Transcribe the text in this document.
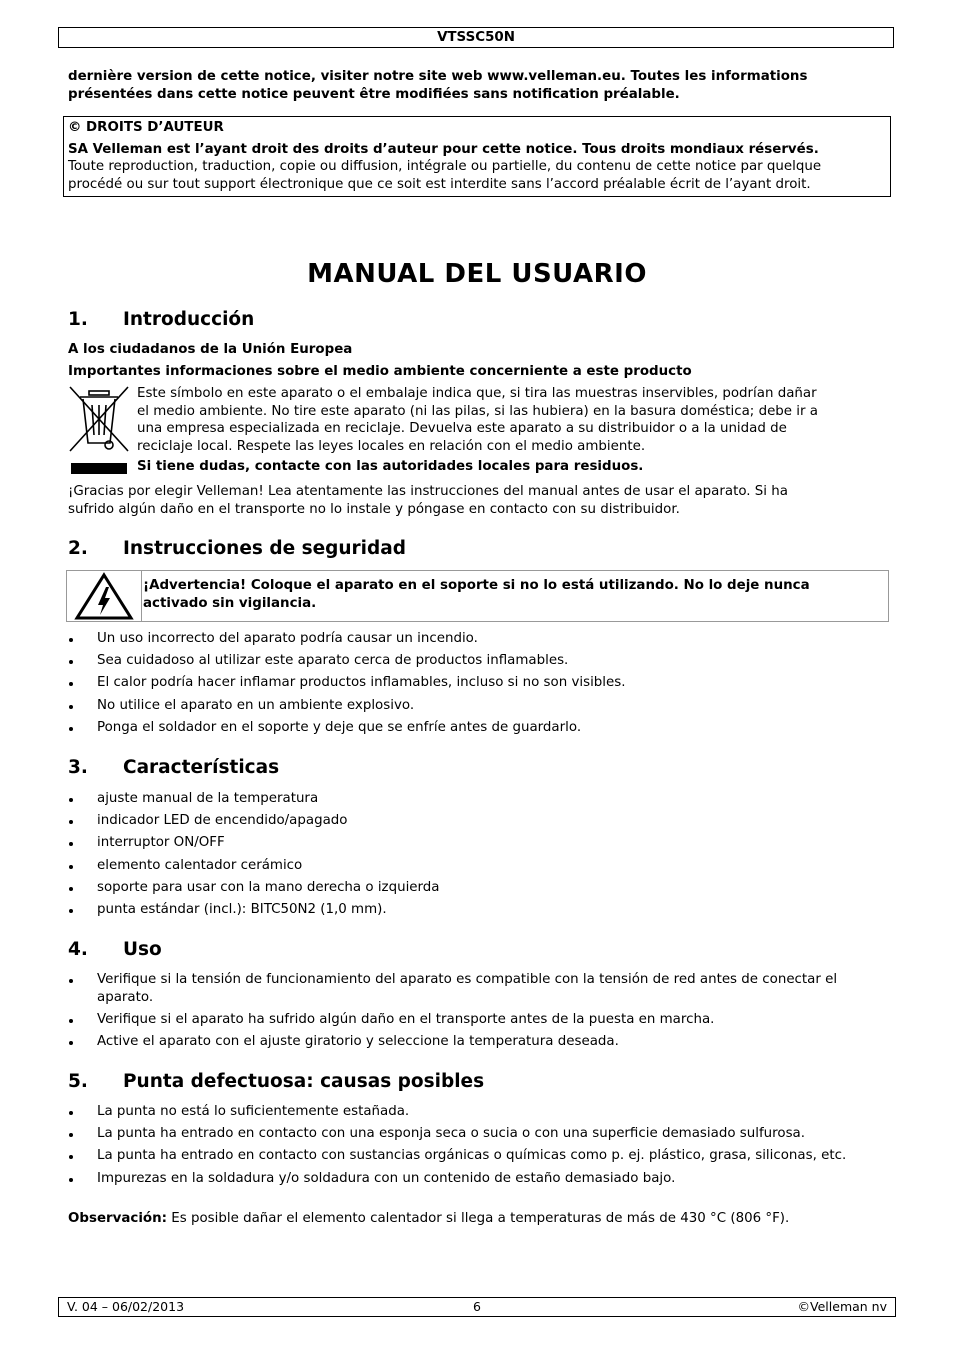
VTSSC50N
dernière version de cette notice, visiter notre site web www.velleman.eu. Toutes les informations
présentées dans cette notice peuvent être modifiées sans notification préalable.
© DROITS D’AUTEUR
SA Velleman est l’ayant droit des droits d’auteur pour cette notice. Tous droits mondiaux réservés.
Toute reproduction, traduction, copie ou diffusion, intégrale ou partielle, du contenu de cette notice par quelque
procédé ou sur tout support électronique que ce soit est interdite sans l’accord préalable écrit de l’ayant droit.
MANUAL DEL USUARIO
1. Introducción
A los ciudadanos de la Unión Europea
Importantes informaciones sobre el medio ambiente concerniente a este producto
Este símbolo en este aparato o el embalaje indica que, si tira las muestras inservibles, podrían dañar
el medio ambiente. No tire este aparato (ni las pilas, si las hubiera) en la basura doméstica; debe ir a
una empresa especializada en reciclaje. Devuelva este aparato a su distribuidor o a la unidad de
reciclaje local. Respete las leyes locales en relación con el medio ambiente.
Si tiene dudas, contacte con las autoridades locales para residuos.
¡Gracias por elegir Velleman! Lea atentamente las instrucciones del manual antes de usar el aparato. Si ha
sufrido algún daño en el transporte no lo instale y póngase en contacto con su distribuidor.
2. Instrucciones de seguridad
¡Advertencia! Coloque el aparato en el soporte si no lo está utilizando. No lo deje nunca
activado sin vigilancia.
Un uso incorrecto del aparato podría causar un incendio.
Sea cuidadoso al utilizar este aparato cerca de productos inflamables.
El calor podría hacer inflamar productos inflamables, incluso si no son visibles.
No utilice el aparato en un ambiente explosivo.
Ponga el soldador en el soporte y deje que se enfríe antes de guardarlo.
3. Características
ajuste manual de la temperatura
indicador LED de encendido/apagado
interruptor ON/OFF
elemento calentador cerámico
soporte para usar con la mano derecha o izquierda
punta estándar (incl.): BITC50N2 (1,0 mm).
4. Uso
Verifique si la tensión de funcionamiento del aparato es compatible con la tensión de red antes de conectar el aparato.
Verifique si el aparato ha sufrido algún daño en el transporte antes de la puesta en marcha.
Active el aparato con el ajuste giratorio y seleccione la temperatura deseada.
5. Punta defectuosa: causas posibles
La punta no está lo suficientemente estañada.
La punta ha entrado en contacto con una esponja seca o sucia o con una superficie demasiado sulfurosa.
La punta ha entrado en contacto con sustancias orgánicas o químicas como p. ej. plástico, grasa, siliconas, etc.
Impurezas en la soldadura y/o soldadura con un contenido de estaño demasiado bajo.
Observación: Es posible dañar el elemento calentador si llega a temperaturas de más de 430 °C (806 °F).
V. 04 – 06/02/2013	6	©Velleman nv
